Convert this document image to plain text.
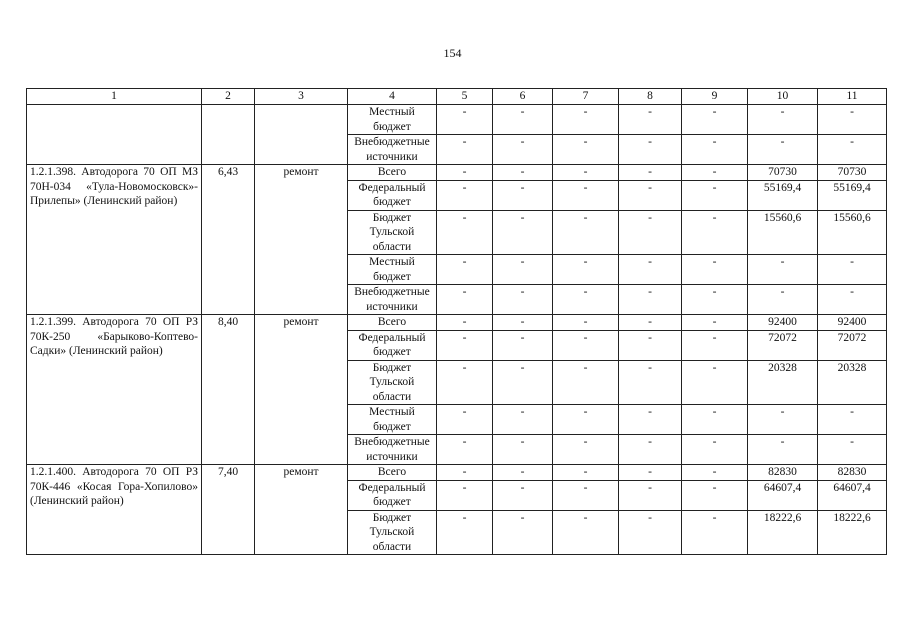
154
1	2	3	4	5	6	7	8	9	10	11
			Местный бюджет	-	-	-	-	-	-	-
			Внебюджетные источники	-	-	-	-	-	-	-
1.2.1.398. Автодорога 70 ОП МЗ 70Н-034 «Тула-Новомосковск»-Прилепы» (Ленинский район)	6,43	ремонт	Всего	-	-	-	-	-	70730	70730
			Федеральный бюджет	-	-	-	-	-	55169,4	55169,4
			Бюджет Тульской области	-	-	-	-	-	15560,6	15560,6
			Местный бюджет	-	-	-	-	-	-	-
			Внебюджетные источники	-	-	-	-	-	-	-
1.2.1.399. Автодорога 70 ОП РЗ 70К-250 «Барыково-Коптево-Садки» (Ленинский район)	8,40	ремонт	Всего	-	-	-	-	-	92400	92400
			Федеральный бюджет	-	-	-	-	-	72072	72072
			Бюджет Тульской области	-	-	-	-	-	20328	20328
			Местный бюджет	-	-	-	-	-	-	-
			Внебюджетные источники	-	-	-	-	-	-	-
1.2.1.400. Автодорога 70 ОП РЗ 70К-446 «Косая Гора-Хопилово» (Ленинский район)	7,40	ремонт	Всего	-	-	-	-	-	82830	82830
			Федеральный бюджет	-	-	-	-	-	64607,4	64607,4
			Бюджет Тульской области	-	-	-	-	-	18222,6	18222,6
